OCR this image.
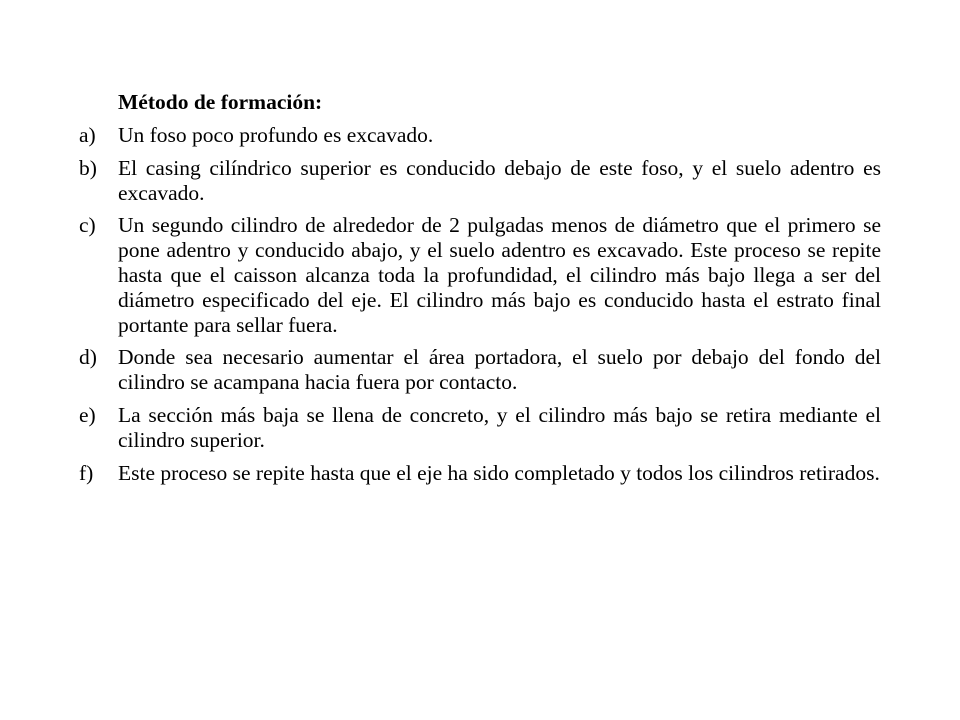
Método de formación:
a) Un foso poco profundo es excavado.
b) El casing cilíndrico superior es conducido debajo de este foso, y el suelo adentro es excavado.
c) Un segundo cilindro de alrededor de 2 pulgadas menos de diámetro que el primero se pone adentro y conducido abajo, y el suelo adentro es excavado. Este proceso se repite hasta que el caisson alcanza toda la profundidad, el cilindro más bajo llega a ser del diámetro especificado del eje. El cilindro más bajo es conducido hasta el estrato final portante para sellar fuera.
d) Donde sea necesario aumentar el área portadora, el suelo por debajo del fondo del cilindro se acampana hacia fuera por contacto.
e) La sección más baja se llena de concreto, y el cilindro más bajo se retira mediante el cilindro superior.
f) Este proceso se repite hasta que el eje ha sido completado y todos los cilindros retirados.
